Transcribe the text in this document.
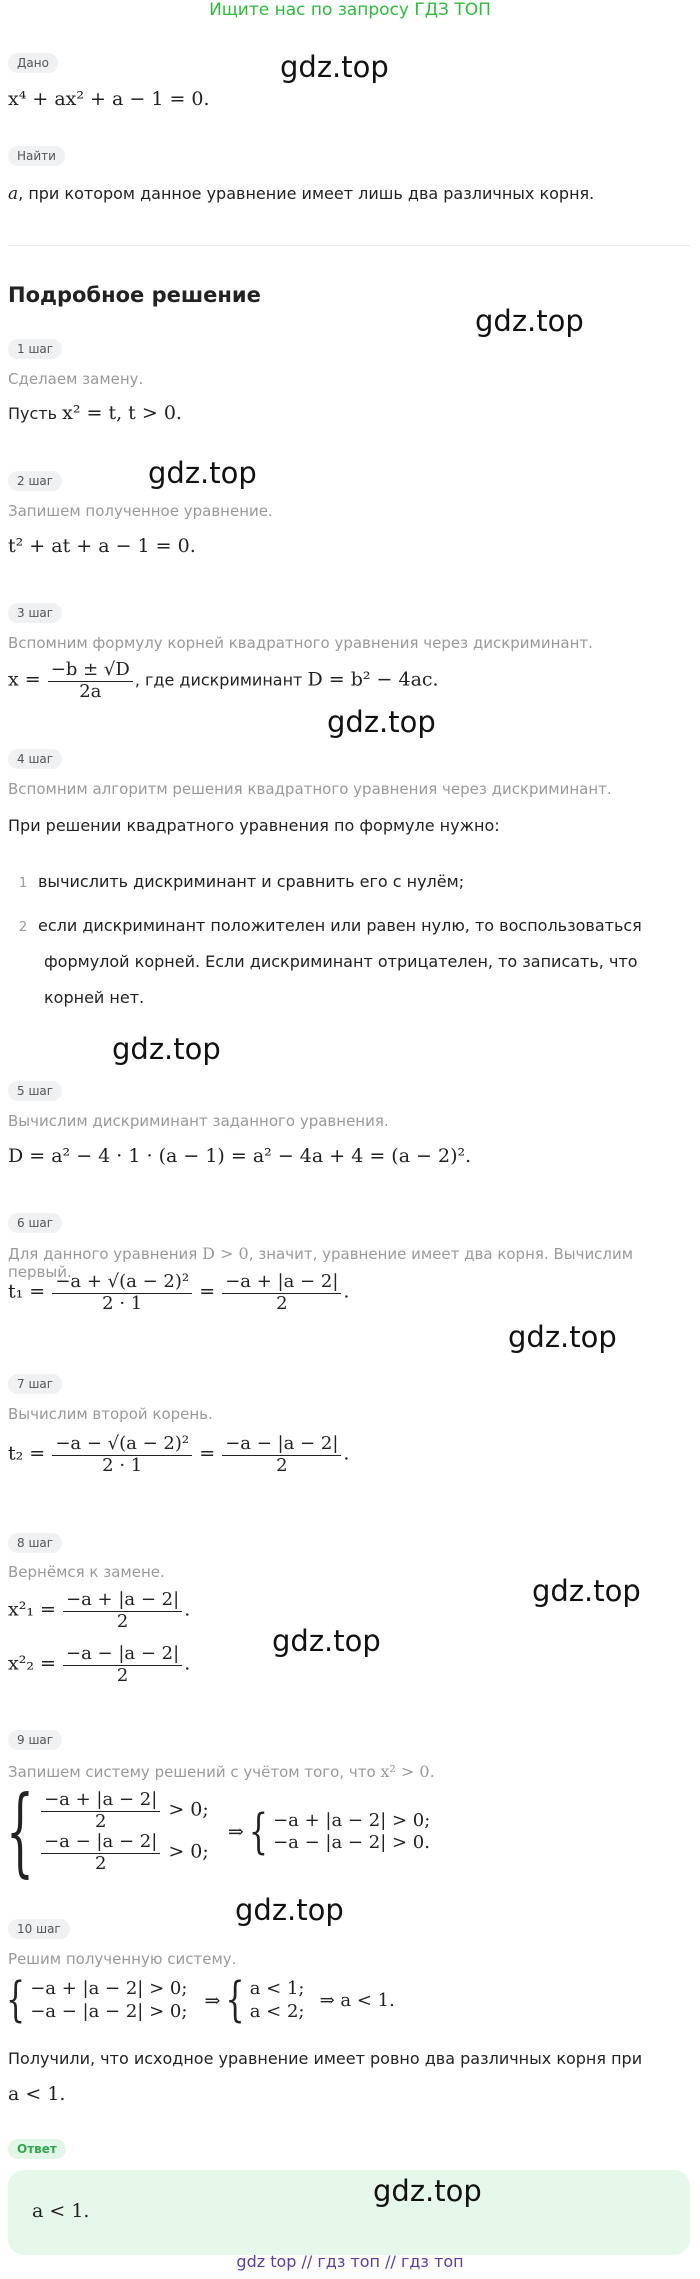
Ищите нас по запросу ГДЗ ТОП
Дано
x⁴ + ax² + a − 1 = 0.
Найти
a, при котором данное уравнение имеет лишь два различных корня.
Подробное решение
1 шаг
Сделаем замену.
Пусть x² = t, t > 0.
2 шаг
Запишем полученное уравнение.
t² + at + a − 1 = 0.
3 шаг
Вспомним формулу корней квадратного уравнения через дискриминант.
$x = \frac{-b \pm √D}{2a}$ , где дискриминант D = b² − 4ac.
4 шаг
Вспомним алгоритм решения квадратного уравнения через дискриминант.
При решении квадратного уравнения по формуле нужно:
1 вычислить дискриминант и сравнить его с нулём;
2 если дискриминант положителен или равен нулю, то воспользоваться
формулой корней. Если дискриминант отрицателен, то записать, что
корней нет.
5 шаг
Вычислим дискриминант заданного уравнения.
D = a² − 4 · 1 · (a − 1) = a² − 4a + 4 = (a − 2)².
6 шаг
Для данного уравнения D > 0, значит, уравнение имеет два корня. Вычислим первый.
$t_1 = \frac{\text{−a + √(a − 2)²}}{2 \cdot 1} = \frac{-a + |a - 2|}{2}$ .
7 шаг
Вычислим второй корень.
$t_2 = \frac{\text{−a − √(a − 2)²}}{2 \cdot 1} = \frac{-a - |a - 2|}{2}$ .
8 шаг
Вернёмся к замене.
$x^2_1 = \frac{-a + |a - 2|}{2}$ .
$x^2_2 = \frac{-a - |a - 2|}{2}$ .
9 шаг
Запишем систему решений с учётом того, что x² > 0.
{ $\frac{-a + |a - 2|}{2} > 0$;
$\frac{-a - |a - 2|}{2} > 0$;
⇒ { −a + |a − 2| > 0;
−a − |a − 2| > 0.
10 шаг
Решим полученную систему.
{ −a + |a − 2| > 0;
−a − |a − 2| > 0; ⇒ { a < 1;
a < 2; ⇒ a < 1.
Получили, что исходное уравнение имеет ровно два различных корня при
a < 1.
Ответ
a < 1.
gdz.top
gdz.top
gdz.top
gdz.top
gdz.top
gdz.top
gdz.top
gdz.top
gdz.top
gdz.top
gdz top // гдз топ // гдз топ
